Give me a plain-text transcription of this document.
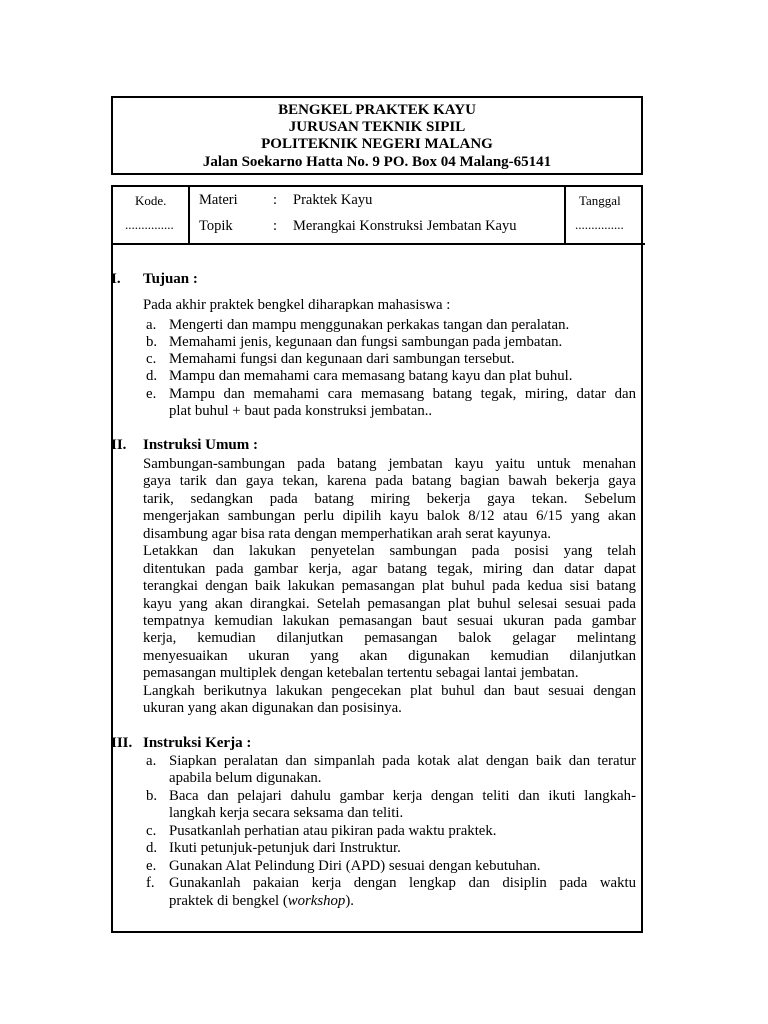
BENGKEL PRAKTEK KAYU
JURUSAN TEKNIK SIPIL
POLITEKNIK NEGERI MALANG
Jalan Soekarno Hatta No. 9 PO. Box 04 Malang-65141
Kode.
...............
Materi : Praktek Kayu
Topik	: Merangkai Konstruksi Jembatan Kayu
Tanggal
...............
I. Tujuan :
Pada akhir praktek bengkel diharapkan mahasiswa :
a. Mengerti dan mampu menggunakan perkakas tangan dan peralatan.
b. Memahami jenis, kegunaan dan fungsi sambungan pada jembatan.
c. Memahami fungsi dan kegunaan dari sambungan tersebut.
d. Mampu dan memahami cara memasang batang kayu dan plat buhul.
e. Mampu dan memahami cara memasang batang tegak, miring, datar dan
plat buhul + baut pada konstruksi jembatan..
II. Instruksi Umum :
Sambungan-sambungan pada batang jembatan kayu yaitu untuk menahan
gaya tarik dan gaya tekan, karena pada batang bagian bawah bekerja gaya
tarik, sedangkan pada batang miring bekerja gaya tekan. Sebelum
mengerjakan sambungan perlu dipilih kayu balok 8/12 atau 6/15 yang akan
disambung agar bisa rata dengan memperhatikan arah serat kayunya.
Letakkan dan lakukan penyetelan sambungan pada posisi yang telah
ditentukan pada gambar kerja, agar batang tegak, miring dan datar dapat
terangkai dengan baik lakukan pemasangan plat buhul pada kedua sisi batang
kayu yang akan dirangkai. Setelah pemasangan plat buhul selesai sesuai pada
tempatnya kemudian lakukan pemasangan baut sesuai ukuran pada gambar
kerja, kemudian dilanjutkan pemasangan balok gelagar melintang
menyesuaikan ukuran yang akan digunakan kemudian dilanjutkan
pemasangan multiplek dengan ketebalan tertentu sebagai lantai jembatan.
Langkah berikutnya lakukan pengecekan plat buhul dan baut sesuai dengan
ukuran yang akan digunakan dan posisinya.
III. Instruksi Kerja :
a. Siapkan peralatan dan simpanlah pada kotak alat dengan baik dan teratur
apabila belum digunakan.
b. Baca dan pelajari dahulu gambar kerja dengan teliti dan ikuti langkah-
langkah kerja secara seksama dan teliti.
c. Pusatkanlah perhatian atau pikiran pada waktu praktek.
d. Ikuti petunjuk-petunjuk dari Instruktur.
e. Gunakan Alat Pelindung Diri (APD) sesuai dengan kebutuhan.
f. Gunakanlah pakaian kerja dengan lengkap dan disiplin pada waktu
praktek di bengkel (workshop).
